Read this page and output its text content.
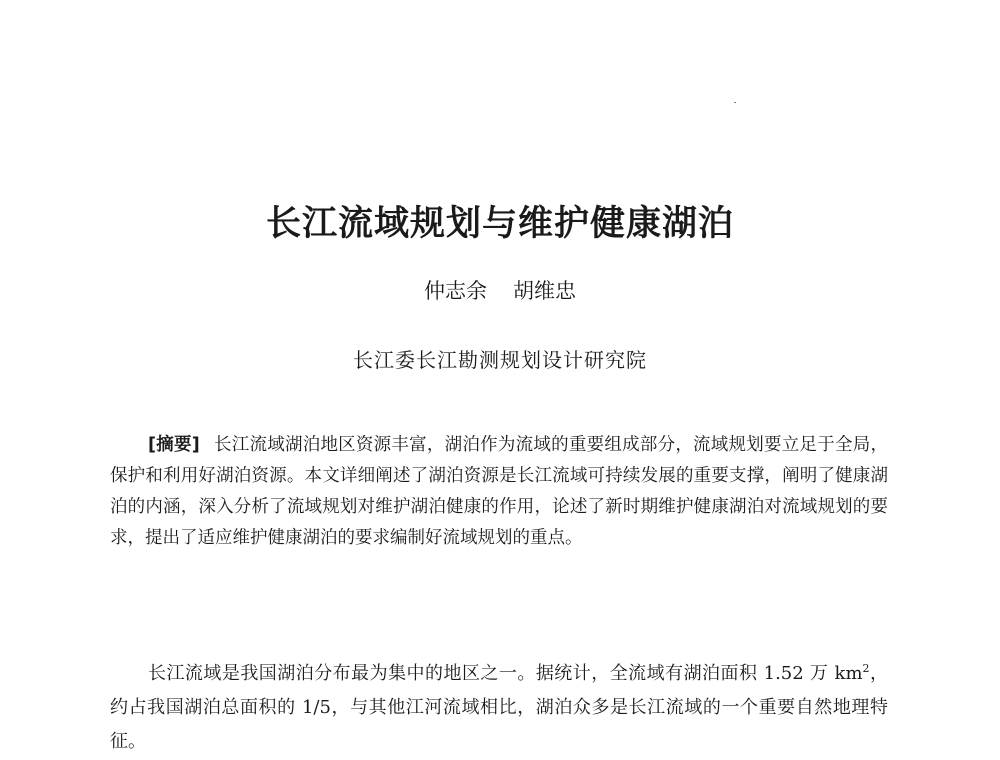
长江流域规划与维护健康湖泊
仲志余 胡维忠
长江委长江勘测规划设计研究院
[摘要] 长江流域湖泊地区资源丰富，湖泊作为流域的重要组成部分，流域规划要立足于全局，保护和利用好湖泊资源。本文详细阐述了湖泊资源是长江流域可持续发展的重要支撑，阐明了健康湖泊的内涵，深入分析了流域规划对维护湖泊健康的作用，论述了新时期维护健康湖泊对流域规划的要求，提出了适应维护健康湖泊的要求编制好流域规划的重点。
长江流域是我国湖泊分布最为集中的地区之一。据统计，全流域有湖泊面积 1.52 万 $km^2$，约占我国湖泊总面积的 1/5，与其他江河流域相比，湖泊众多是长江流域的一个重要自然地理特征。
